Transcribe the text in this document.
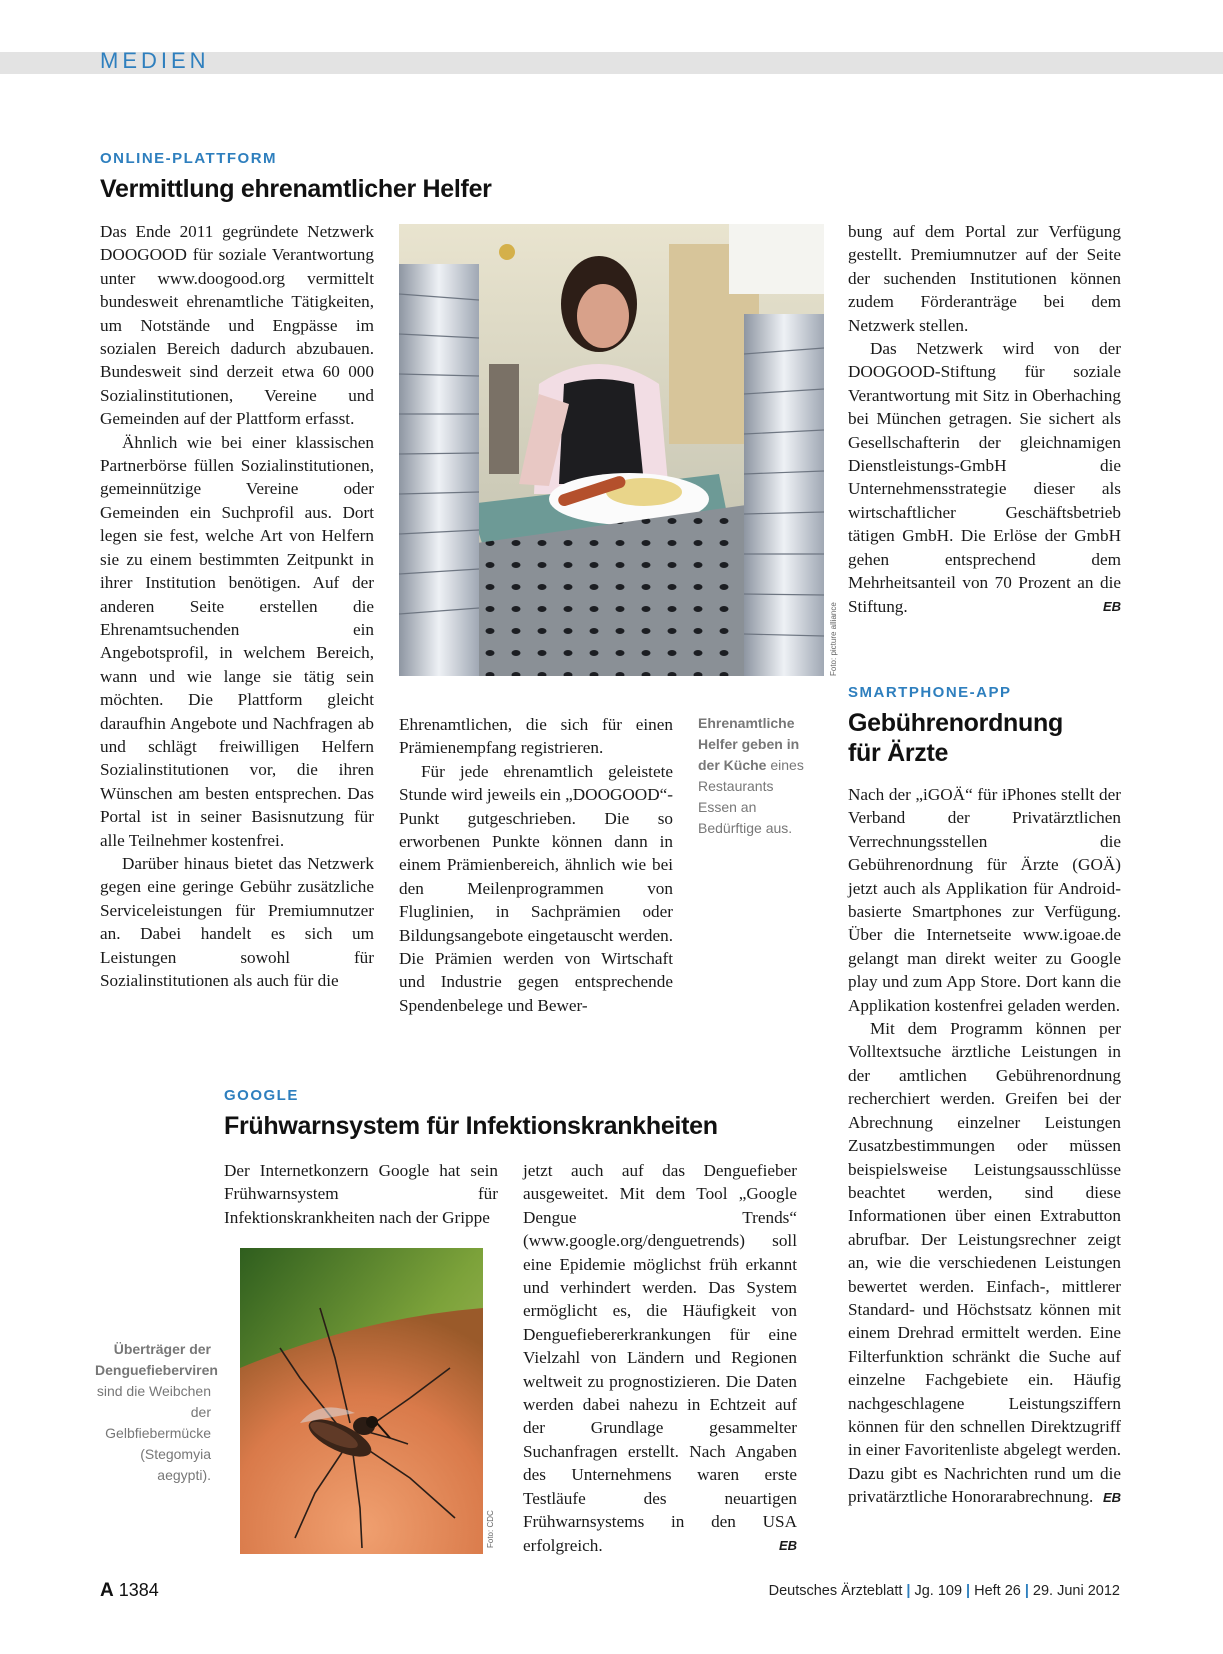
MEDIEN
ONLINE-PLATTFORM
Vermittlung ehrenamtlicher Helfer

Das Ende 2011 gegründete Netzwerk DOOGOOD für soziale Verantwortung unter www.doogood.org vermittelt bundesweit ehrenamtliche Tätigkeiten, um Notstände und Engpässe im sozialen Bereich dadurch abzubauen. Bundesweit sind derzeit etwa 60 000 Sozialinstitutionen, Vereine und Gemeinden auf der Plattform erfasst.

Ähnlich wie bei einer klassischen Partnerbörse füllen Sozialinstitutionen, gemeinnützige Vereine oder Gemeinden ein Suchprofil aus. Dort legen sie fest, welche Art von Helfern sie zu einem bestimmten Zeitpunkt in ihrer Institution benötigen. Auf der anderen Seite erstellen die Ehrenamtsuchenden ein Angebotsprofil, in welchem Bereich, wann und wie lange sie tätig sein möchten. Die Plattform gleicht daraufhin Angebote und Nachfragen ab und schlägt freiwilligen Helfern Sozialinstitutionen vor, die ihren Wünschen am besten entsprechen. Das Portal ist in seiner Basisnutzung für alle Teilnehmer kostenfrei.

Darüber hinaus bietet das Netzwerk gegen eine geringe Gebühr zusätzliche Serviceleistungen für Premiumnutzer an. Dabei handelt es sich um Leistungen sowohl für Sozialinstitutionen als auch für die

Foto: picture alliance

Ehrenamtlichen, die sich für einen Prämienempfang registrieren.

Für jede ehrenamtlich geleistete Stunde wird jeweils ein „DOOGOOD“-Punkt gutgeschrieben. Die so erworbenen Punkte können dann in einem Prämienbereich, ähnlich wie bei den Meilenprogrammen von Fluglinien, in Sachprämien oder Bildungsangebote eingetauscht werden. Die Prämien werden von Wirtschaft und Industrie gegen entsprechende Spendenbelege und Bewer-

Ehrenamtliche Helfer geben in der Küche eines Restaurants Essen an Bedürftige aus.

bung auf dem Portal zur Verfügung gestellt. Premiumnutzer auf der Seite der suchenden Institutionen können zudem Förderanträge bei dem Netzwerk stellen.

Das Netzwerk wird von der DOOGOOD-Stiftung für soziale Verantwortung mit Sitz in Oberhaching bei München getragen. Sie sichert als Gesellschafterin der gleichnamigen Dienstleistungs-GmbH die Unternehmensstrategie dieser als wirtschaftlicher Geschäftsbetrieb tätigen GmbH. Die Erlöse der GmbH gehen entsprechend dem Mehrheitsanteil von 70 Prozent an die Stiftung.	EB
SMARTPHONE-APP
Gebührenordnung
für Ärzte

Nach der „iGOÄ“ für iPhones stellt der Verband der Privatärztlichen Verrechnungsstellen die Gebührenordnung für Ärzte (GOÄ) jetzt auch als Applikation für Android-basierte Smartphones zur Verfügung. Über die Internetseite www.igoae.de gelangt man direkt weiter zu Google play und zum App Store. Dort kann die Applikation kostenfrei geladen werden.

Mit dem Programm können per Volltextsuche ärztliche Leistungen in der amtlichen Gebührenordnung recherchiert werden. Greifen bei der Abrechnung einzelner Leistungen Zusatzbestimmungen oder müssen beispielsweise Leistungsausschlüsse beachtet werden, sind diese Informationen über einen Extrabutton abrufbar. Der Leistungsrechner zeigt an, wie die verschiedenen Leistungen bewertet werden. Einfach-, mittlerer Standard- und Höchstsatz können mit einem Drehrad ermittelt werden. Eine Filterfunktion schränkt die Suche auf einzelne Fachgebiete ein. Häufig nachgeschlagene Leistungsziffern können für den schnellen Direktzugriff in einer Favoritenliste abgelegt werden. Dazu gibt es Nachrichten rund um die privatärztliche Honorarabrechnung. EB
GOOGLE
Frühwarnsystem für Infektionskrankheiten

Der Internetkonzern Google hat sein Frühwarnsystem für Infektionskrankheiten nach der Grippe

Foto: CDC
Überträger der Denguefieberviren sind die Weibchen der Gelbfiebermücke (Stegomyia aegypti).

jetzt auch auf das Denguefieber ausgeweitet. Mit dem Tool „Google Dengue Trends“ (www.google.org/denguetrends) soll eine Epidemie möglichst früh erkannt und verhindert werden. Das System ermöglicht es, die Häufigkeit von Denguefiebererkrankungen für eine Vielzahl von Ländern und Regionen weltweit zu prognostizieren. Die Daten werden dabei nahezu in Echtzeit auf der Grundlage gesammelter Suchanfragen erstellt. Nach Angaben des Unternehmens waren erste Testläufe des neuartigen Frühwarnsystems in den USA erfolgreich.	EB
A 1384	Deutsches Ärzteblatt | Jg. 109 | Heft 26 | 29. Juni 2012
